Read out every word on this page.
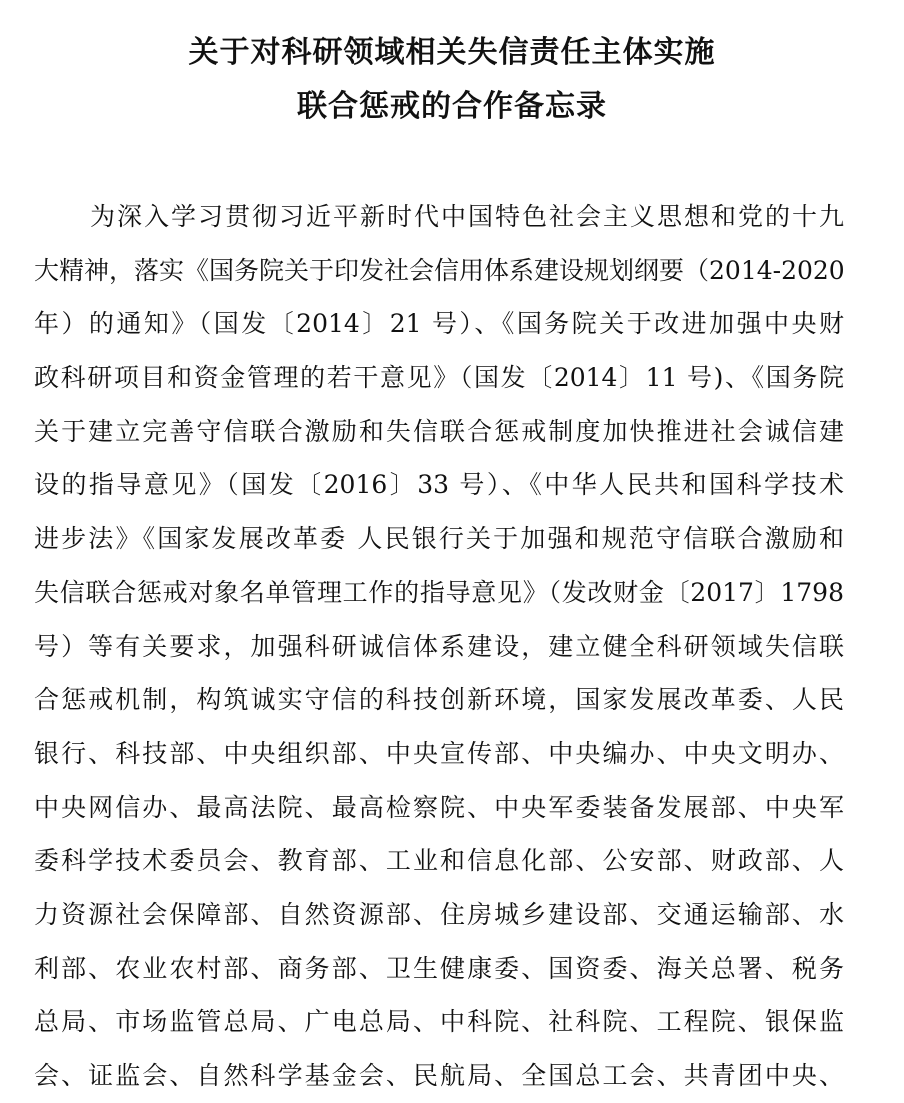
关于对科研领域相关失信责任主体实施
联合惩戒的合作备忘录
为深入学习贯彻习近平新时代中国特色社会主义思想和党的十九
大精神，落实《国务院关于印发社会信用体系建设规划纲要（2014-2020
年）的通知》（国发〔2014〕21 号）、《国务院关于改进加强中央财
政科研项目和资金管理的若干意见》（国发〔2014〕11 号)、《国务院
关于建立完善守信联合激励和失信联合惩戒制度加快推进社会诚信建
设的指导意见》（国发〔2016〕33 号）、《中华人民共和国科学技术
进步法》《国家发展改革委 人民银行关于加强和规范守信联合激励和
失信联合惩戒对象名单管理工作的指导意见》（发改财金〔2017〕1798
号）等有关要求，加强科研诚信体系建设，建立健全科研领域失信联
合惩戒机制，构筑诚实守信的科技创新环境，国家发展改革委、人民
银行、科技部、中央组织部、中央宣传部、中央编办、中央文明办、
中央网信办、最高法院、最高检察院、中央军委装备发展部、中央军
委科学技术委员会、教育部、工业和信息化部、公安部、财政部、人
力资源社会保障部、自然资源部、住房城乡建设部、交通运输部、水
利部、农业农村部、商务部、卫生健康委、国资委、海关总署、税务
总局、市场监管总局、广电总局、中科院、社科院、工程院、银保监
会、证监会、自然科学基金会、民航局、全国总工会、共青团中央、
